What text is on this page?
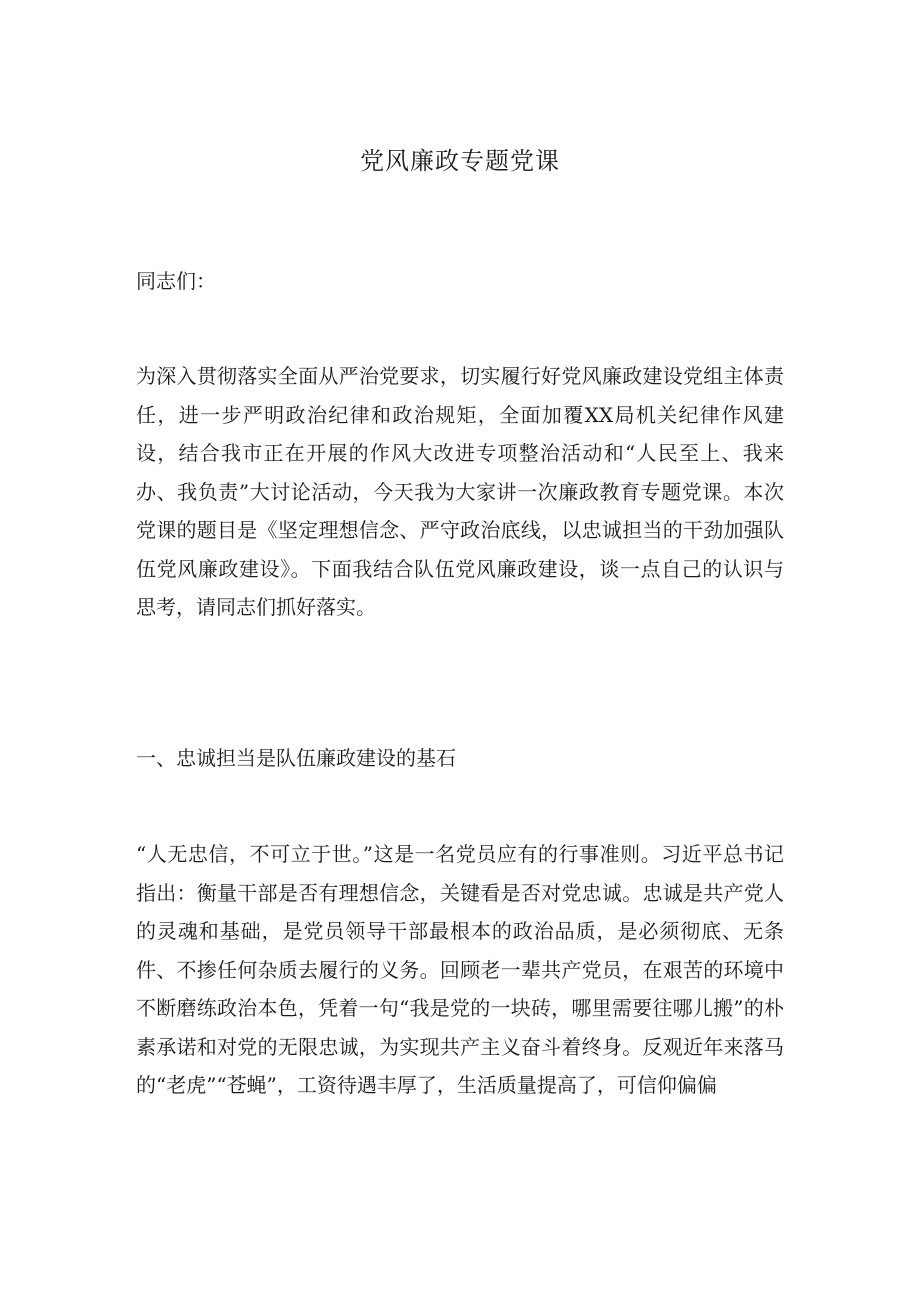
党风廉政专题党课

同志们：

为深入贯彻落实全面从严治党要求，切实履行好党风廉政建设党组主体责任，进一步严明政治纪律和政治规矩，全面加覆XX局机关纪律作风建设，结合我市正在开展的作风大改进专项整治活动和“人民至上、我来办、我负责”大讨论活动，今天我为大家讲一次廉政教育专题党课。本次党课的题目是《坚定理想信念、严守政治底线，以忠诚担当的干劲加强队伍党风廉政建设》。下面我结合队伍党风廉政建设，谈一点自己的认识与思考，请同志们抓好落实。

一、忠诚担当是队伍廉政建设的基石

“人无忠信，不可立于世。”这是一名党员应有的行事准则。习近平总书记指出：衡量干部是否有理想信念，关键看是否对党忠诚。忠诚是共产党人的灵魂和基础，是党员领导干部最根本的政治品质，是必须彻底、无条件、不掺任何杂质去履行的义务。回顾老一辈共产党员，在艰苦的环境中不断磨练政治本色，凭着一句“我是党的一块砖，哪里需要往哪儿搬”的朴素承诺和对党的无限忠诚，为实现共产主义奋斗着终身。反观近年来落马的“老虎”“苍蝇”，工资待遇丰厚了，生活质量提高了，可信仰偏偏
